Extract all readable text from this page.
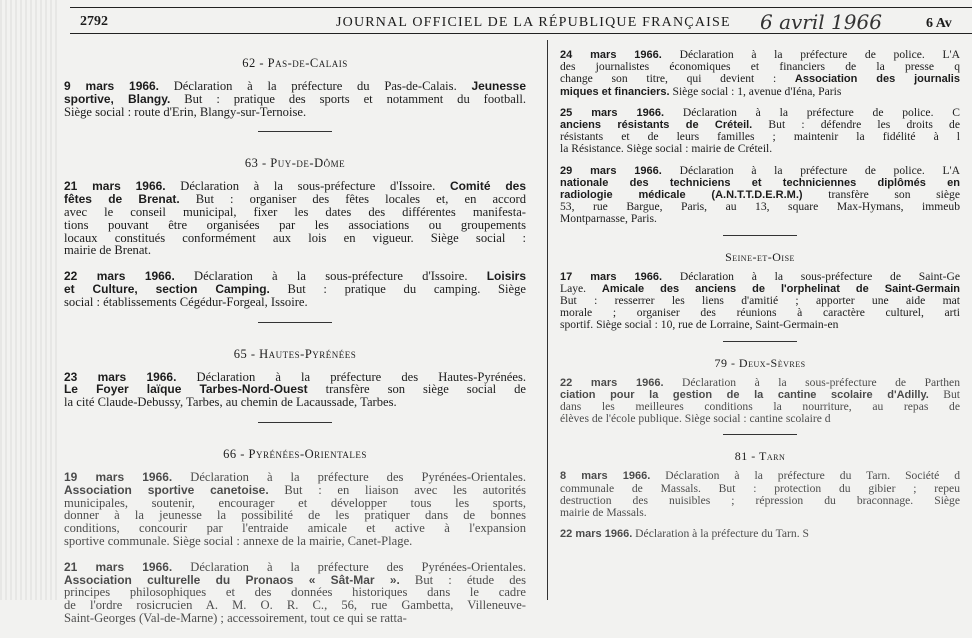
2792	JOURNAL OFFICIEL DE LA RÉPUBLIQUE FRANÇAISE 6 avril 1966	6 Av
62 - Pas-de-Calais
9 mars 1966. Déclaration à la préfecture du Pas-de-Calais. Jeunesse
sportive, Blangy. But : pratique des sports et notamment du football.
Siège social : route d'Erin, Blangy-sur-Ternoise.
63 - Puy-de-Dôme
21 mars 1966. Déclaration à la sous-préfecture d'Issoire. Comité des
fêtes de Brenat. But : organiser des fêtes locales et, en accord
avec le conseil municipal, fixer les dates des différentes manifesta-
tions pouvant être organisées par les associations ou groupements
locaux constitués conformément aux lois en vigueur. Siège social :
mairie de Brenat.
22 mars 1966. Déclaration à la sous-préfecture d'Issoire. Loisirs
et Culture, section Camping. But : pratique du camping. Siège
social : établissements Cégédur-Forgeal, Issoire.
65 - Hautes-Pyrénées
23 mars 1966. Déclaration à la préfecture des Hautes-Pyrénées.
Le Foyer laïque Tarbes-Nord-Ouest transfère son siège social de
la cité Claude-Debussy, Tarbes, au chemin de Lacaussade, Tarbes.
66 - Pyrénées-Orientales
19 mars 1966. Déclaration à la préfecture des Pyrénées-Orientales.
Association sportive canetoise. But : en liaison avec les autorités
municipales, soutenir, encourager et développer tous les sports,
donner à la jeunesse la possibilité de les pratiquer dans de bonnes
conditions, concourir par l'entraide amicale et active à l'expansion
sportive communale. Siège social : annexe de la mairie, Canet-Plage.
21 mars 1966. Déclaration à la préfecture des Pyrénées-Orientales.
Association culturelle du Pronaos « Sât-Mar ». But : étude des
principes philosophiques et des données historiques dans le cadre
de l'ordre rosicrucien A. M. O. R. C., 56, rue Gambetta, Villeneuve-
Saint-Georges (Val-de-Marne) ; accessoirement, tout ce qui se ratta-
24 mars 1966. Déclaration à la préfecture de police. L'A
des journalistes économiques et financiers de la presse q
change son titre, qui devient : Association des journalis
miques et financiers. Siège social : 1, avenue d'Iéna, Paris
25 mars 1966. Déclaration à la préfecture de police. C
anciens résistants de Créteil. But : défendre les droits de
résistants et de leurs familles ; maintenir la fidélité à l
la Résistance. Siège social : mairie de Créteil.
29 mars 1966. Déclaration à la préfecture de police. L'A
nationale des techniciens et techniciennes diplômés en
radiologie médicale (A.N.T.T.D.E.R.M.) transfère son siège
53, rue Bargue, Paris, au 13, square Max-Hymans, immeub
Montparnasse, Paris.
Seine-et-Oise
17 mars 1966. Déclaration à la sous-préfecture de Saint-Ge
Laye. Amicale des anciens de l'orphelinat de Saint-Germain
But : resserrer les liens d'amitié ; apporter une aide mat
morale ; organiser des réunions à caractère culturel, arti
sportif. Siège social : 10, rue de Lorraine, Saint-Germain-en
79 - Deux-Sèvres
22 mars 1966. Déclaration à la sous-préfecture de Parthen
ciation pour la gestion de la cantine scolaire d'Adilly. But
dans les meilleures conditions la nourriture, au repas de
élèves de l'école publique. Siège social : cantine scolaire d
81 - Tarn
8 mars 1966. Déclaration à la préfecture du Tarn. Société d
communale de Massals. But : protection du gibier ; repeu
destruction des nuisibles ; répression du braconnage. Siège
mairie de Massals.
22 mars 1966. Déclaration à la préfecture du Tarn. S
